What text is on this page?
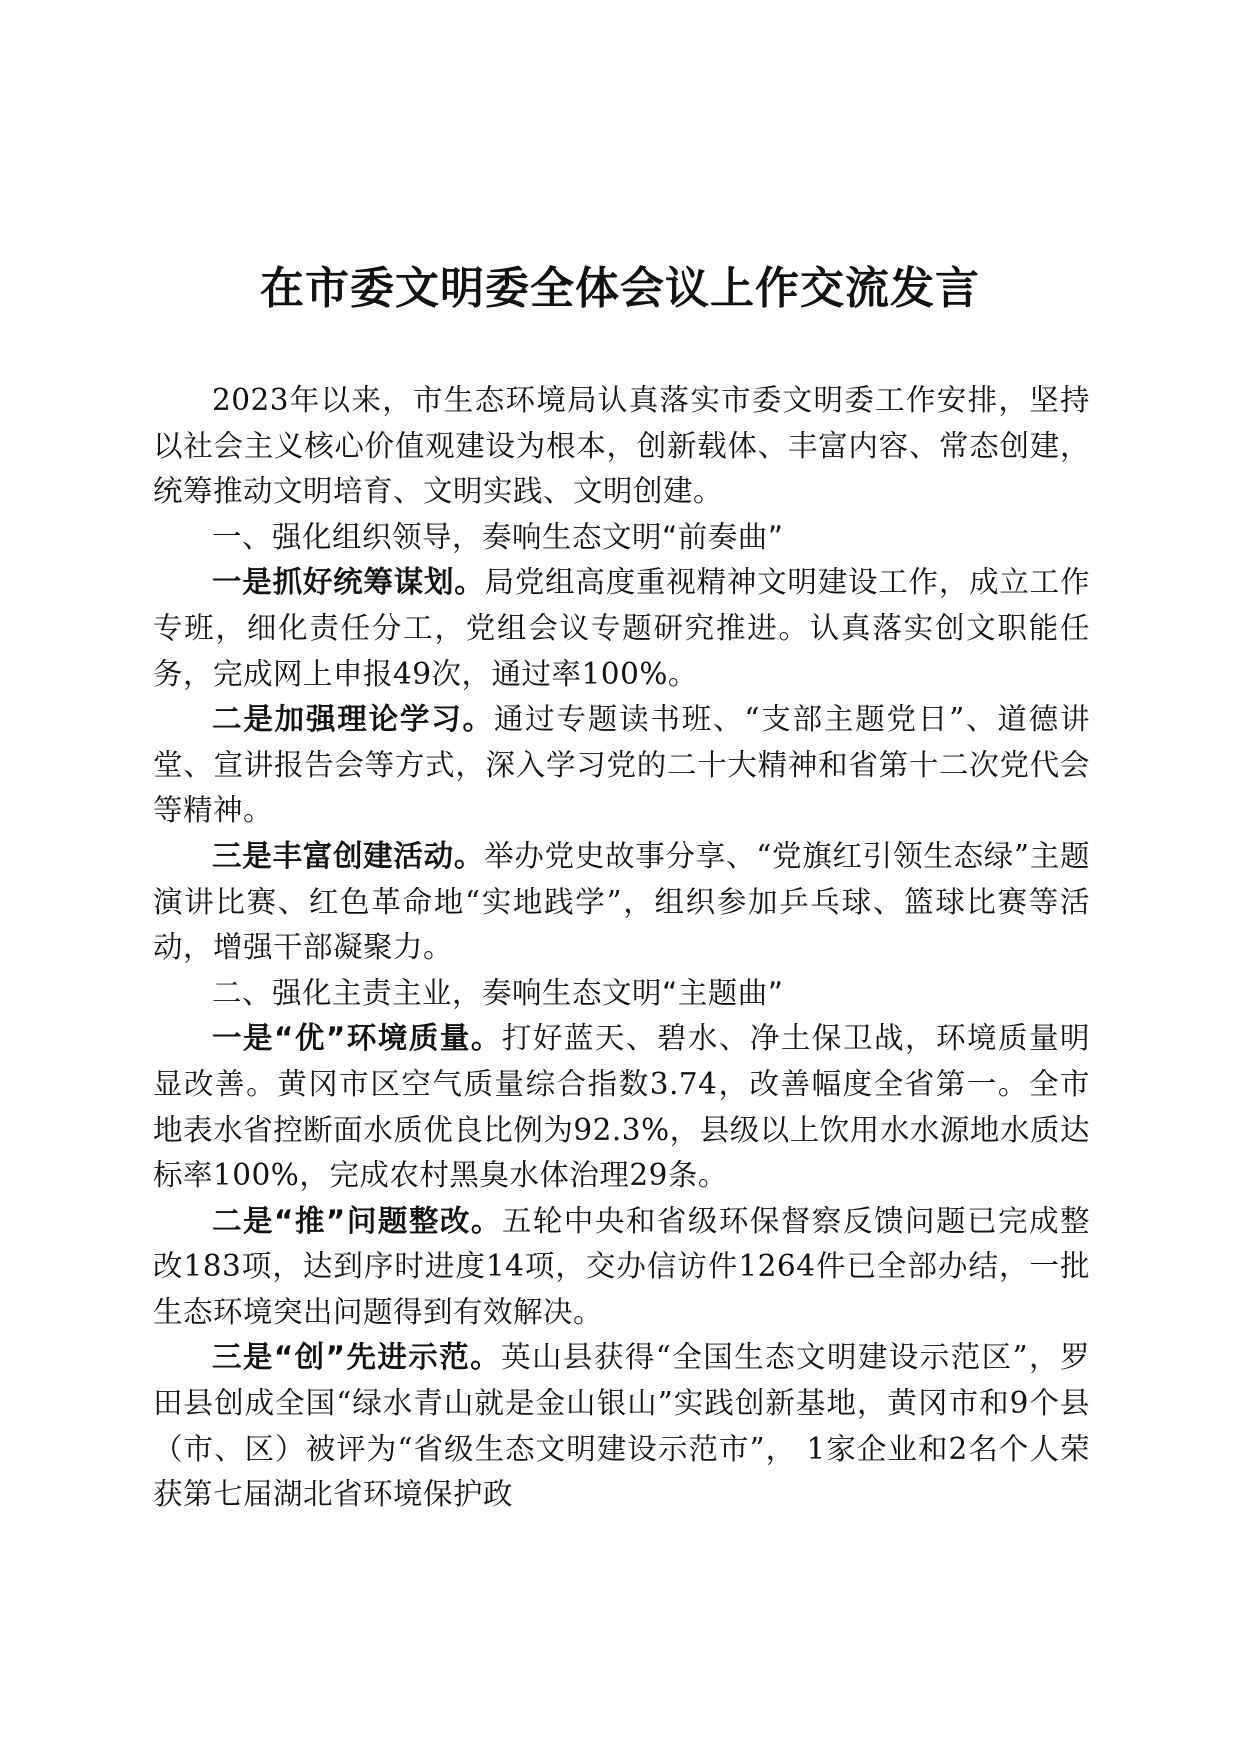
在市委文明委全体会议上作交流发言

2023年以来，市生态环境局认真落实市委文明委工作安排，坚持以社会主义核心价值观建设为根本，创新载体、丰富内容、常态创建，统筹推动文明培育、文明实践、文明创建。

一、强化组织领导，奏响生态文明“前奏曲”

一是抓好统筹谋划。局党组高度重视精神文明建设工作，成立工作专班，细化责任分工，党组会议专题研究推进。认真落实创文职能任务，完成网上申报49次，通过率100%。

二是加强理论学习。通过专题读书班、“支部主题党日”、道德讲堂、宣讲报告会等方式，深入学习党的二十大精神和省第十二次党代会等精神。

三是丰富创建活动。举办党史故事分享、“党旗红引领生态绿”主题演讲比赛、红色革命地“实地践学”，组织参加乒乓球、篮球比赛等活动，增强干部凝聚力。

二、强化主责主业，奏响生态文明“主题曲”

一是“优”环境质量。打好蓝天、碧水、净土保卫战，环境质量明显改善。黄冈市区空气质量综合指数3.74，改善幅度全省第一。全市地表水省控断面水质优良比例为92.3%，县级以上饮用水水源地水质达标率100%，完成农村黑臭水体治理29条。

二是“推”问题整改。五轮中央和省级环保督察反馈问题已完成整改183项，达到序时进度14项，交办信访件1264件已全部办结，一批生态环境突出问题得到有效解决。

三是“创”先进示范。英山县获得“全国生态文明建设示范区”，罗田县创成全国“绿水青山就是金山银山”实践创新基地，黄冈市和9个县（市、区）被评为“省级生态文明建设示范市”， 1家企业和2名个人荣获第七届湖北省环境保护政
